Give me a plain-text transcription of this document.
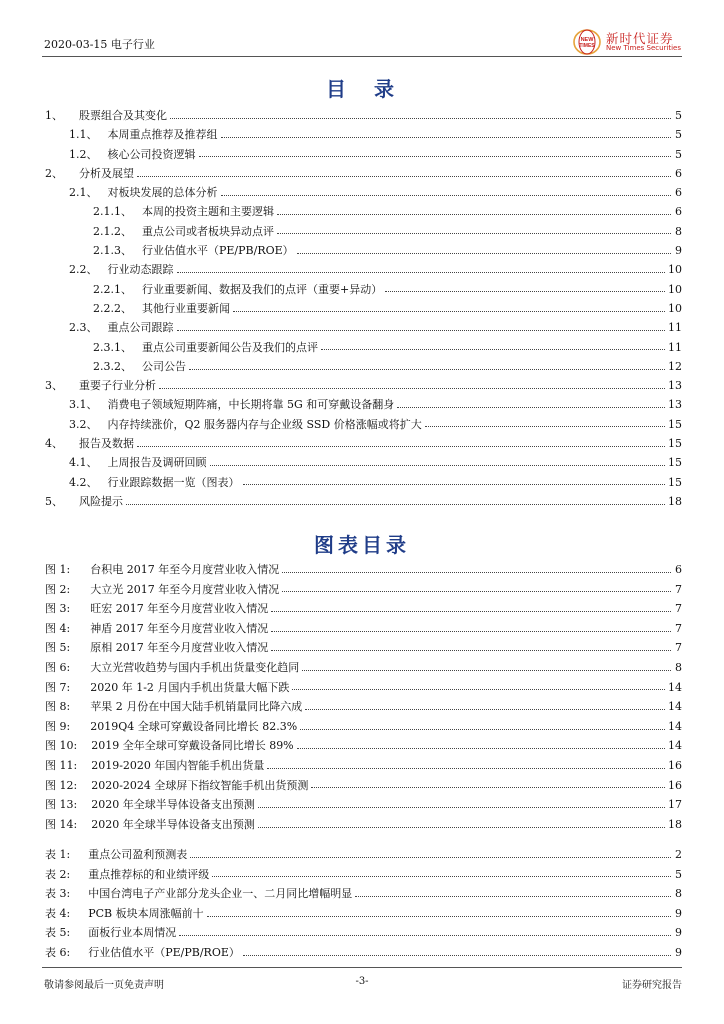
2020-03-15 电子行业	NEW
TIMES 新时代证券
New Times Securities
目　录
1、 股票组合及其变化	5
1.1、 本周重点推荐及推荐组	5
1.2、 核心公司投资逻辑	5
2、 分析及展望	6
2.1、 对板块发展的总体分析	6
2.1.1、 本周的投资主题和主要逻辑	6
2.1.2、 重点公司或者板块异动点评	8
2.1.3、 行业估值水平（PE/PB/ROE）	9
2.2、 行业动态跟踪	10
2.2.1、 行业重要新闻、数据及我们的点评（重要+异动）	10
2.2.2、 其他行业重要新闻	10
2.3、 重点公司跟踪	11
2.3.1、 重点公司重要新闻公告及我们的点评	11
2.3.2、 公司公告	12
3、 重要子行业分析	13
3.1、 消费电子领域短期阵痛，中长期将靠 5G 和可穿戴设备翻身	13
3.2、 内存持续涨价，Q2 服务器内存与企业级 SSD 价格涨幅或将扩大	15
4、 报告及数据	15
4.1、 上周报告及调研回顾	15
4.2、 行业跟踪数据一览（图表）	15
5、 风险提示	18
图表目录
图 1: 台积电 2017 年至今月度营业收入情况	6
图 2: 大立光 2017 年至今月度营业收入情况	7
图 3: 旺宏 2017 年至今月度营业收入情况	7
图 4: 神盾 2017 年至今月度营业收入情况	7
图 5: 原相 2017 年至今月度营业收入情况	7
图 6: 大立光营收趋势与国内手机出货量变化趋同	8
图 7: 2020 年 1-2 月国内手机出货量大幅下跌	14
图 8: 苹果 2 月份在中国大陆手机销量同比降六成	14
图 9: 2019Q4 全球可穿戴设备同比增长 82.3%	14
图 10: 2019 全年全球可穿戴设备同比增长 89%	14
图 11: 2019-2020 年国内智能手机出货量	16
图 12: 2020-2024 全球屏下指纹智能手机出货预测	16
图 13: 2020 年全球半导体设备支出预测	17
图 14: 2020 年全球半导体设备支出预测	18
表 1: 重点公司盈利预测表	2
表 2: 重点推荐标的和业绩评级	5
表 3: 中国台湾电子产业部分龙头企业一、二月同比增幅明显	8
表 4: PCB 板块本周涨幅前十	9
表 5: 面板行业本周情况	9
表 6: 行业估值水平（PE/PB/ROE）	9
敬请参阅最后一页免责声明	-3-	证券研究报告
